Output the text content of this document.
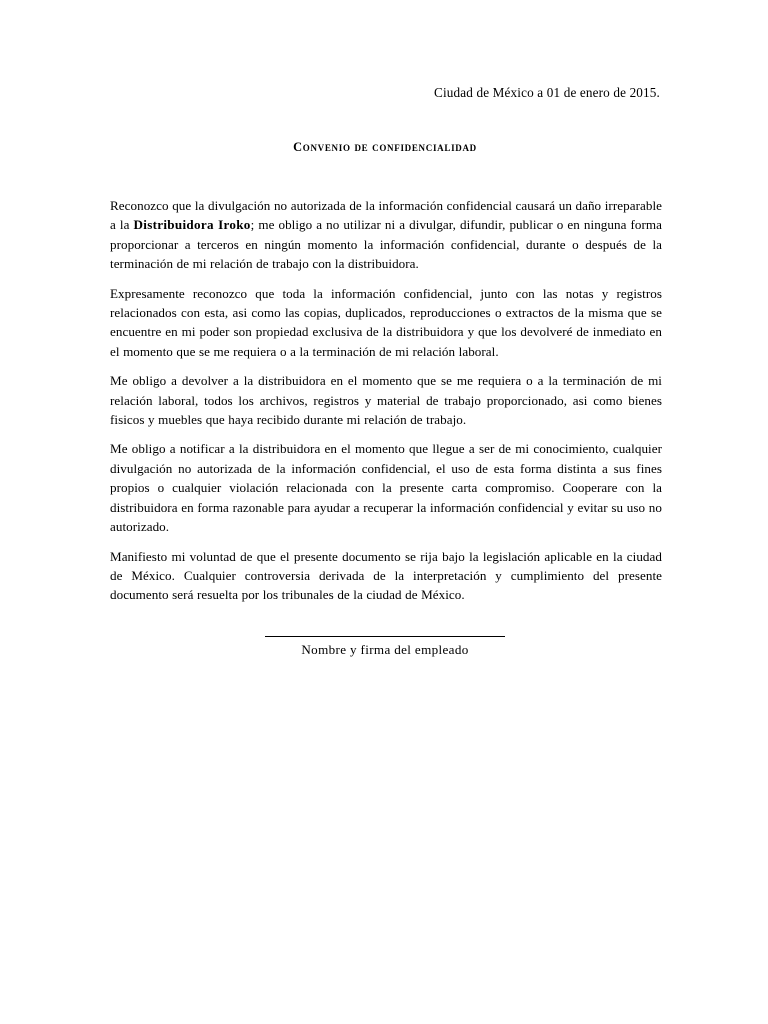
Ciudad de México a 01 de enero de 2015.
Convenio de confidencialidad

Reconozco que la divulgación no autorizada de la información confidencial causará un daño irreparable a la Distribuidora Iroko; me obligo a no utilizar ni a divulgar, difundir, publicar o en ninguna forma proporcionar a terceros en ningún momento la información confidencial, durante o después de la terminación de mi relación de trabajo con la distribuidora.

Expresamente reconozco que toda la información confidencial, junto con las notas y registros relacionados con esta, asi como las copias, duplicados, reproducciones o extractos de la misma que se encuentre en mi poder son propiedad exclusiva de la distribuidora y que los devolveré de inmediato en el momento que se me requiera o a la terminación de mi relación laboral.

Me obligo a devolver a la distribuidora en el momento que se me requiera o a la terminación de mi relación laboral, todos los archivos, registros y material de trabajo proporcionado, asi como bienes fisicos y muebles que haya recibido durante mi relación de trabajo.

Me obligo a notificar a la distribuidora en el momento que llegue a ser de mi conocimiento, cualquier divulgación no autorizada de la información confidencial, el uso de esta forma distinta a sus fines propios o cualquier violación relacionada con la presente carta compromiso. Cooperare con la distribuidora en forma razonable para ayudar a recuperar la información confidencial y evitar su uso no autorizado.

Manifiesto mi voluntad de que el presente documento se rija bajo la legislación aplicable en la ciudad de México. Cualquier controversia derivada de la interpretación y cumplimiento del presente documento será resuelta por los tribunales de la ciudad de México.

Nombre y firma del empleado
